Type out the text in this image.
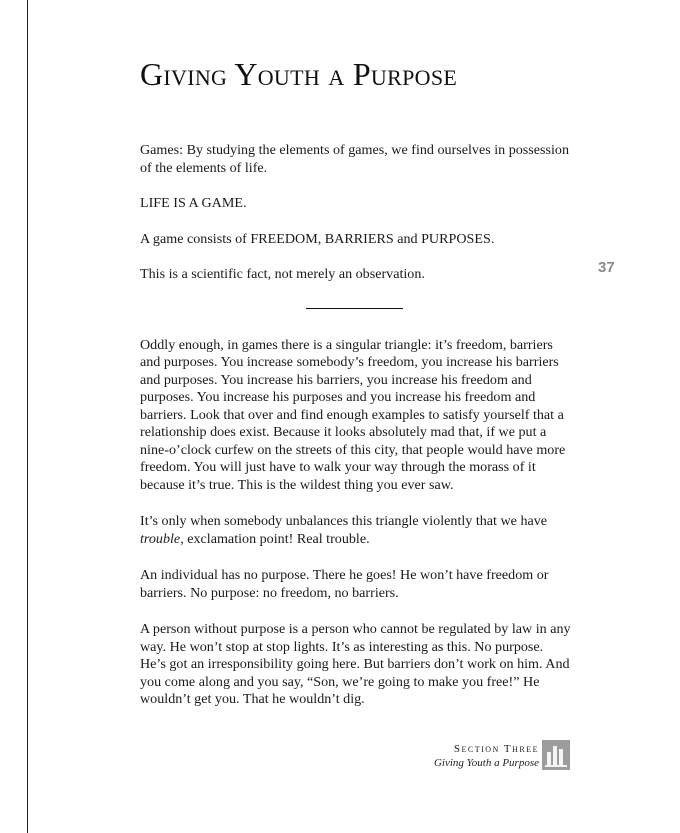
Giving Youth a Purpose
37

Games: By studying the elements of games, we find ourselves in possession of the elements of life.

LIFE IS A GAME.

A game consists of FREEDOM, BARRIERS and PURPOSES.

This is a scientific fact, not merely an observation.

Oddly enough, in games there is a singular triangle: it’s freedom, barriers and purposes. You increase somebody’s freedom, you increase his barriers and purposes. You increase his barriers, you increase his freedom and purposes. You increase his purposes and you increase his freedom and barriers. Look that over and find enough examples to satisfy yourself that a relationship does exist. Because it looks absolutely mad that, if we put a nine-o’clock curfew on the streets of this city, that people would have more freedom. You will just have to walk your way through the morass of it because it’s true. This is the wildest thing you ever saw.

It’s only when somebody unbalances this triangle violently that we have trouble, exclamation point! Real trouble.

An individual has no purpose. There he goes! He won’t have freedom or barriers. No purpose: no freedom, no barriers.

A person without purpose is a person who cannot be regulated by law in any way. He won’t stop at stop lights. It’s as interesting as this. No purpose. He’s got an irresponsibility going here. But barriers don’t work on him. And you come along and you say, “Son, we’re going to make you free!” He wouldn’t get you. That he wouldn’t dig.

Section Three
Giving Youth a Purpose
